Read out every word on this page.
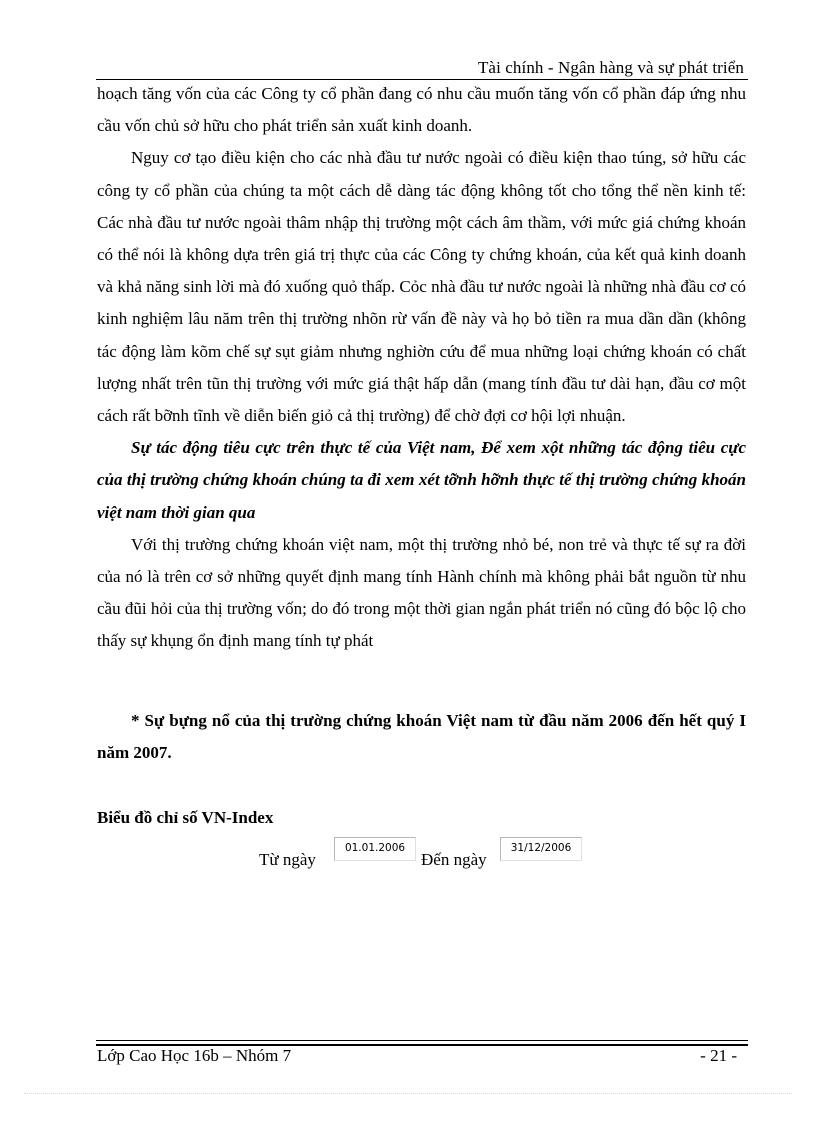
Tài chính - Ngân hàng và sự phát triển

hoạch tăng vốn của các Công ty cổ phần đang có nhu cầu muốn tăng vốn cổ phần đáp ứng nhu cầu vốn chủ sở hữu cho phát triển sản xuất kinh doanh.

Nguy cơ tạo điều kiện cho các nhà đầu tư nước ngoài có điều kiện thao túng, sở hữu các công ty cổ phần của chúng ta một cách dễ dàng tác động không tốt cho tổng thể nền kinh tế: Các nhà đầu tư nước ngoài thâm nhập thị trường một cách âm thầm, với mức giá chứng khoán có thể nói là không dựa trên giá trị thực của các Công ty chứng khoán, của kết quả kinh doanh và khả năng sinh lời mà đó xuống quỏ thấp. Cỏc nhà đầu tư nước ngoài là những nhà đầu cơ có kinh nghiệm lâu năm trên thị trường nhõn rừ vấn đề này và họ bỏ tiền ra mua dần dần (không tác động làm kõm chế sự sụt giảm nhưng nghiờn cứu để mua những loại chứng khoán có chất lượng nhất trên tũn thị trường với mức giá thật hấp dẫn (mang tính đầu tư dài hạn, đầu cơ một cách rất bỡnh tĩnh về diễn biến giỏ cả thị trường) để chờ đợi cơ hội lợi nhuận.

Sự tác động tiêu cực trên thực tế của Việt nam, Để xem xột những tác động tiêu cực của thị trường chứng khoán chúng ta đi xem xét tỡnh hỡnh thực tế thị trường chứng khoán việt nam thời gian qua

Với thị trường chứng khoán việt nam, một thị trường nhỏ bé, non trẻ và thực tế sự ra đời của nó là trên cơ sở những quyết định mang tính Hành chính mà không phải bắt nguồn từ nhu cầu đũi hỏi của thị trường vốn; do đó trong một thời gian ngắn phát triển nó cũng đó bộc lộ cho thấy sự khụng ổn định mang tính tự phát

* Sự bựng nổ của thị trường chứng khoán Việt nam từ đầu năm 2006 đến hết quý I năm 2007.

Biểu đồ chỉ số VN-Index

Từ ngày
01.01.2006
Đến ngày
31/12/2006
Lớp Cao Học 16b – Nhóm 7	- 21 -
